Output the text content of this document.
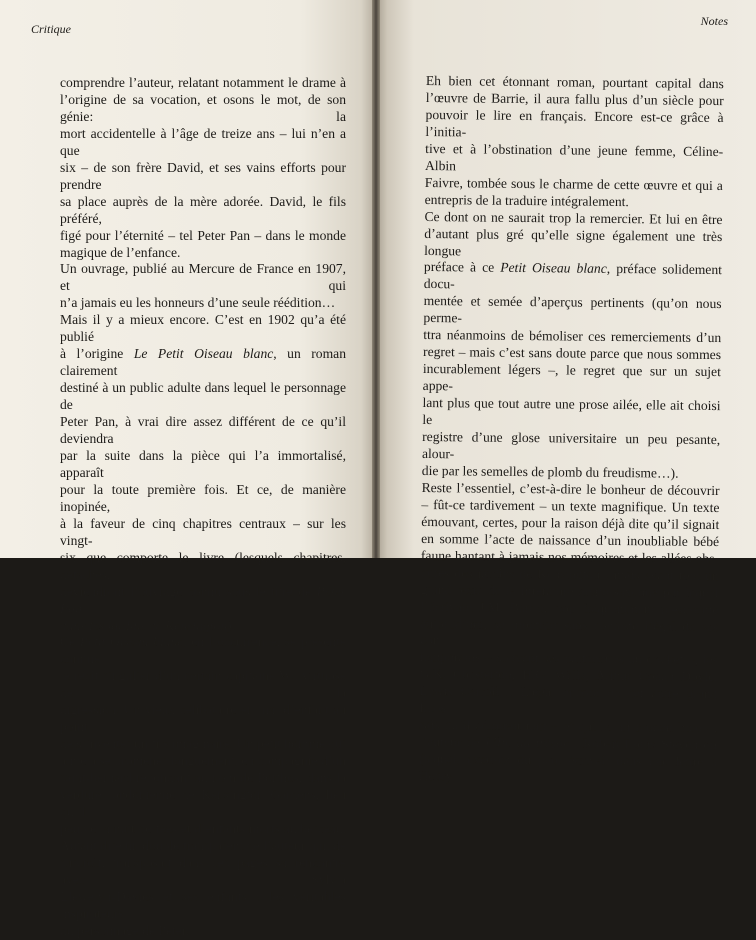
Critique
comprendre l’auteur, relatant notamment le drame à
l’origine de sa vocation, et osons le mot, de son génie: la
mort accidentelle à l’âge de treize ans – lui n’en a que
six – de son frère David, et ses vains efforts pour prendre
sa place auprès de la mère adorée. David, le fils préféré,
figé pour l’éternité – tel Peter Pan – dans le monde
magique de l’enfance.
Un ouvrage, publié au Mercure de France en 1907, et qui
n’a jamais eu les honneurs d’une seule réédition…
Mais il y a mieux encore. C’est en 1902 qu’a été publié
à l’origine Le Petit Oiseau blanc, un roman clairement
destiné à un public adulte dans lequel le personnage de
Peter Pan, à vrai dire assez différent de ce qu’il deviendra
par la suite dans la pièce qui l’a immortalisé, apparaît
pour la toute première fois. Et ce, de manière inopinée,
à la faveur de cinq chapitres centraux – sur les vingt-
six que comporte le livre (lesquels chapitres, détachés,
deviendront l’ouvrage connu sous le titre de Peter Pan
dans les jardins de Kensington).
Ce Petit Oiseau blanc, en l’occurrence, se présente comme
le récit singulier d’un certain capitaine W., virtuose de la
digression. Un vieux célibataire en mal d’enfant au point
de s’inventer un fils imaginaire. Un petit homme qui
aime à se promener longuement, en compagnie d’un
saint-bernard répondant au nom de Porthos, dans la
verdure londonienne de Kensington Gardens, lieu qu’il
peuple la nuit de fées et d’enfants morts au berceau.
Autant dire un double transparent de l’auteur qui, de
surcroît, transposait dans ces pages sa rencontre avec Sylvia
Llewelyn-Davies et ses enfants : les véritables inspirateurs
du personnage de Peter.
Notes
Eh bien cet étonnant roman, pourtant capital dans
l’œuvre de Barrie, il aura fallu plus d’un siècle pour
pouvoir le lire en français. Encore est-ce grâce à l’initia-
tive et à l’obstination d’une jeune femme, Céline-Albin
Faivre, tombée sous le charme de cette œuvre et qui a
entrepris de la traduire intégralement.
Ce dont on ne saurait trop la remercier. Et lui en être
d’autant plus gré qu’elle signe également une très longue
préface à ce Petit Oiseau blanc, préface solidement docu-
mentée et semée d’aperçus pertinents (qu’on nous perme-
ttra néanmoins de bémoliser ces remerciements d’un
regret – mais c’est sans doute parce que nous sommes
incurablement légers –, le regret que sur un sujet appe-
lant plus que tout autre une prose ailée, elle ait choisi le
registre d’une glose universitaire un peu pesante, alour-
die par les semelles de plomb du freudisme…).
Reste l’essentiel, c’est-à-dire le bonheur de découvrir
– fût-ce tardivement – un texte magnifique. Un texte
émouvant, certes, pour la raison déjà dite qu’il signait
en somme l’acte de naissance d’un inoubliable bébé
faune hantant à jamais nos mémoires et les allées obs-
cures des jardins de Kensington ; mais avant tout un
grand texte de la littérature anglo-saxonne par lequel
l’écrivain J.M. Barrie, trop fréquemment mésestimé
aujourd’hui, se montrait sans conteste l’égal de ses con-
temporains – souvent ses partenaires au cricket –, les
G.K. Chesterton, H.G. Wells, Arthur Conan Doyle,
Lewis Carroll… L’égal encore de cet autre grand Écos-
sais qu’il admirait tant – et qui le lui rendait bien –,
l’auteur de L’Île au trésor : Robert-Louis Stevenson
(lequel, excusez du peu, écrivait dans une lettre à Henry
